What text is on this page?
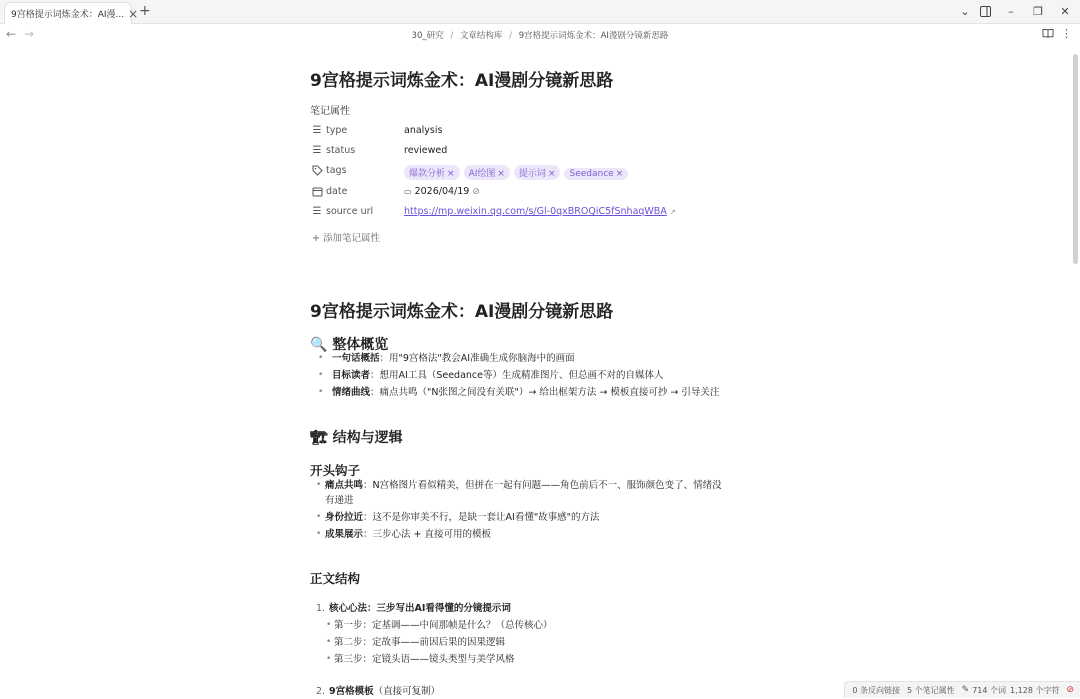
9宫格提示词炼金术：AI漫... × +	⌄	–	❐	✕
← →	30_研究 / 文章结构库 / 9宫格提示词炼金术：AI漫剧分镜新思路	⋮
9宫格提示词炼金术：AI漫剧分镜新思路
笔记属性
☰ type	analysis
☰ status	reviewed
tags	爆款分析 × AI绘图 × 提示词 × Seedance ×
date	▭ 2026/04/19 ⊘
☰ source url	https://mp.weixin.qq.com/s/Gl-0qxBROQiC5fSnhaqWBA ↗
+ 添加笔记属性
9宫格提示词炼金术：AI漫剧分镜新思路
🔍 整体概览
• 一句话概括：用"9宫格法"教会AI准确生成你脑海中的画面
• 目标读者：想用AI工具（Seedance等）生成精准图片、但总画不对的自媒体人
• 情绪曲线：痛点共鸣（"N张图之间没有关联"）→ 给出框架方法 → 模板直接可抄 → 引导关注
🏗 结构与逻辑
开头钩子
• 痛点共鸣：N宫格图片看似精美，但拼在一起有问题——角色前后不一、服饰颜色变了、情绪没
有递进
• 身份拉近：这不是你审美不行，是缺一套让AI看懂"故事感"的方法
• 成果展示：三步心法 + 直接可用的模板
正文结构
1. 核心心法：三步写出AI看得懂的分镜提示词
• 第一步：定基调——中间那帧是什么？（总传核心）
• 第二步：定故事——前因后果的因果逻辑
• 第三步：定镜头语——镜头类型与美学风格
2. 9宫格模板（直接可复制）	0 条反向链接 5 个笔记属性 ✎ 714 个词 1,128 个字符 ⊘
